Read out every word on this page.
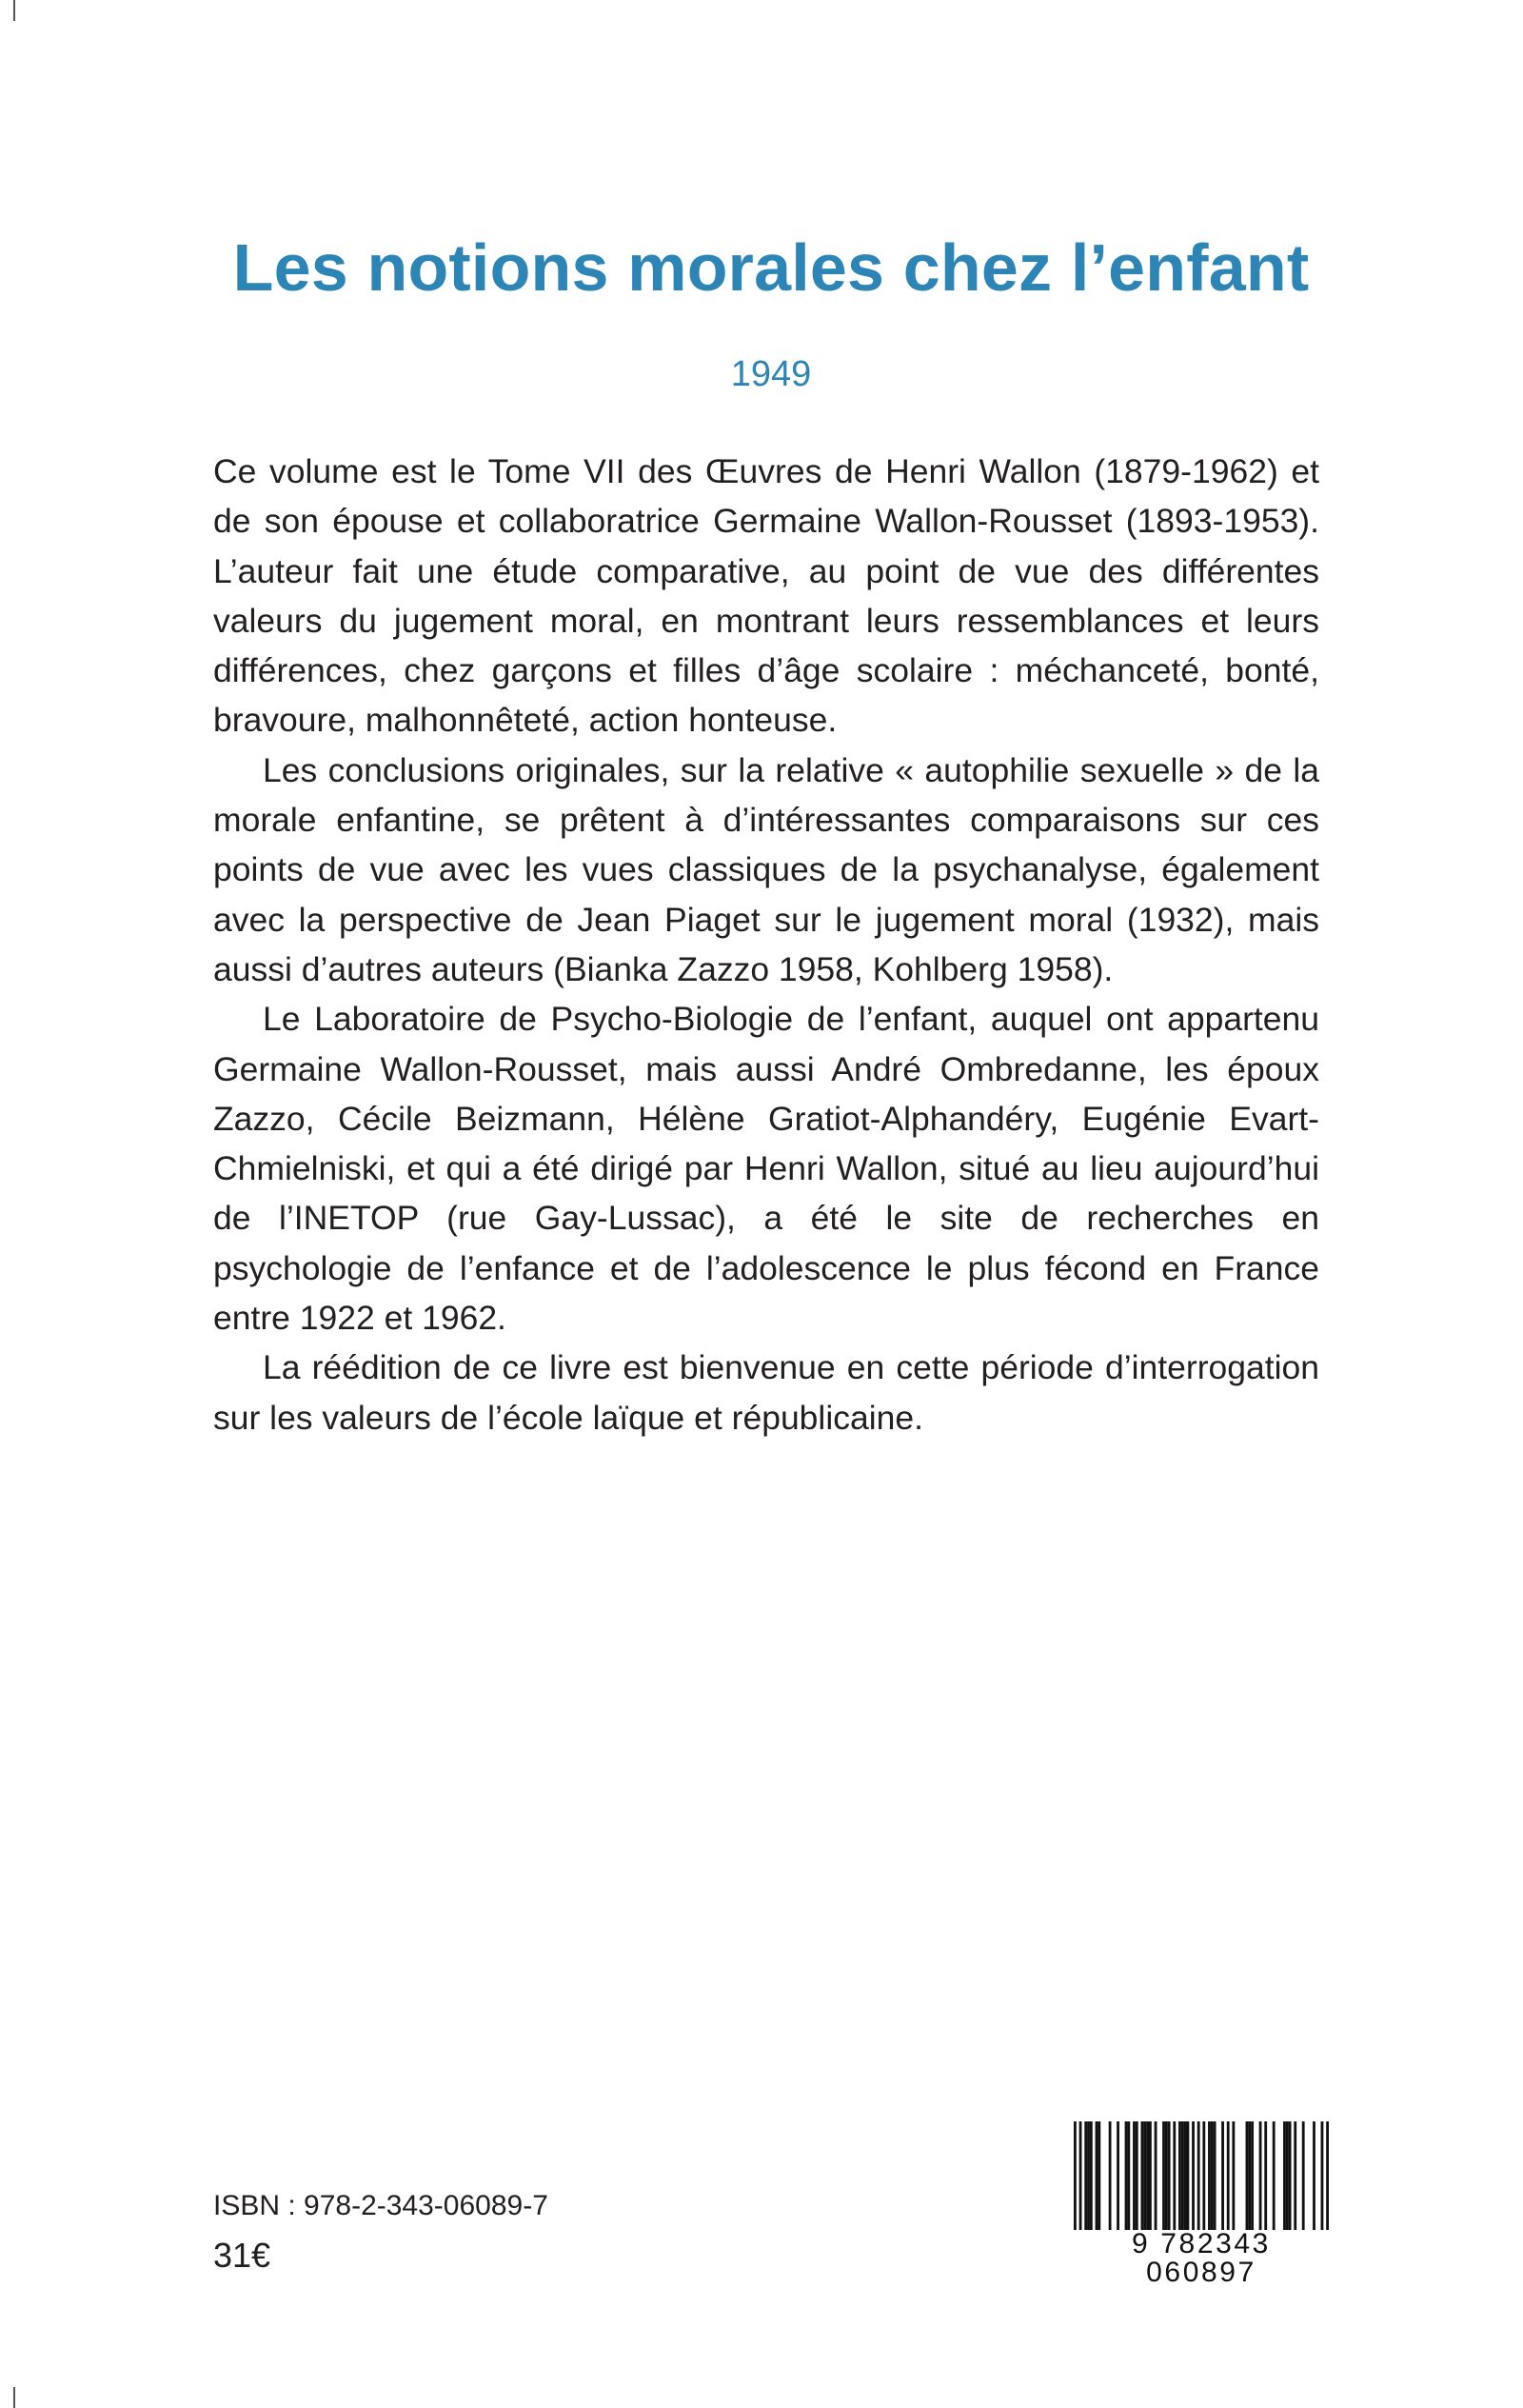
Les notions morales chez l’enfant
1949

Ce volume est le Tome VII des Œuvres de Henri Wallon (1879-1962) et de son épouse et collaboratrice Germaine Wallon-Rousset (1893-1953). L’auteur fait une étude comparative, au point de vue des différentes valeurs du jugement moral, en montrant leurs ressemblances et leurs différences, chez garçons et filles d’âge scolaire : méchanceté, bonté, bravoure, malhonnêteté, action honteuse.

Les conclusions originales, sur la relative « autophilie sexuelle » de la morale enfantine, se prêtent à d’intéressantes comparaisons sur ces points de vue avec les vues classiques de la psychanalyse, également avec la perspective de Jean Piaget sur le jugement moral (1932), mais aussi d’autres auteurs (Bianka Zazzo 1958, Kohlberg 1958).

Le Laboratoire de Psycho-Biologie de l’enfant, auquel ont appartenu Germaine Wallon-Rousset, mais aussi André Ombredanne, les époux Zazzo, Cécile Beizmann, Hélène Gratiot-Alphandéry, Eugénie Evart-Chmielniski, et qui a été dirigé par Henri Wallon, situé au lieu aujourd’hui de l’INETOP (rue Gay-Lussac), a été le site de recherches en psychologie de l’enfance et de l’adolescence le plus fécond en France entre 1922 et 1962.

La réédition de ce livre est bienvenue en cette période d’interrogation sur les valeurs de l’école laïque et républicaine.

ISBN : 978-2-343-06089-7
31€	9 782343 060897
